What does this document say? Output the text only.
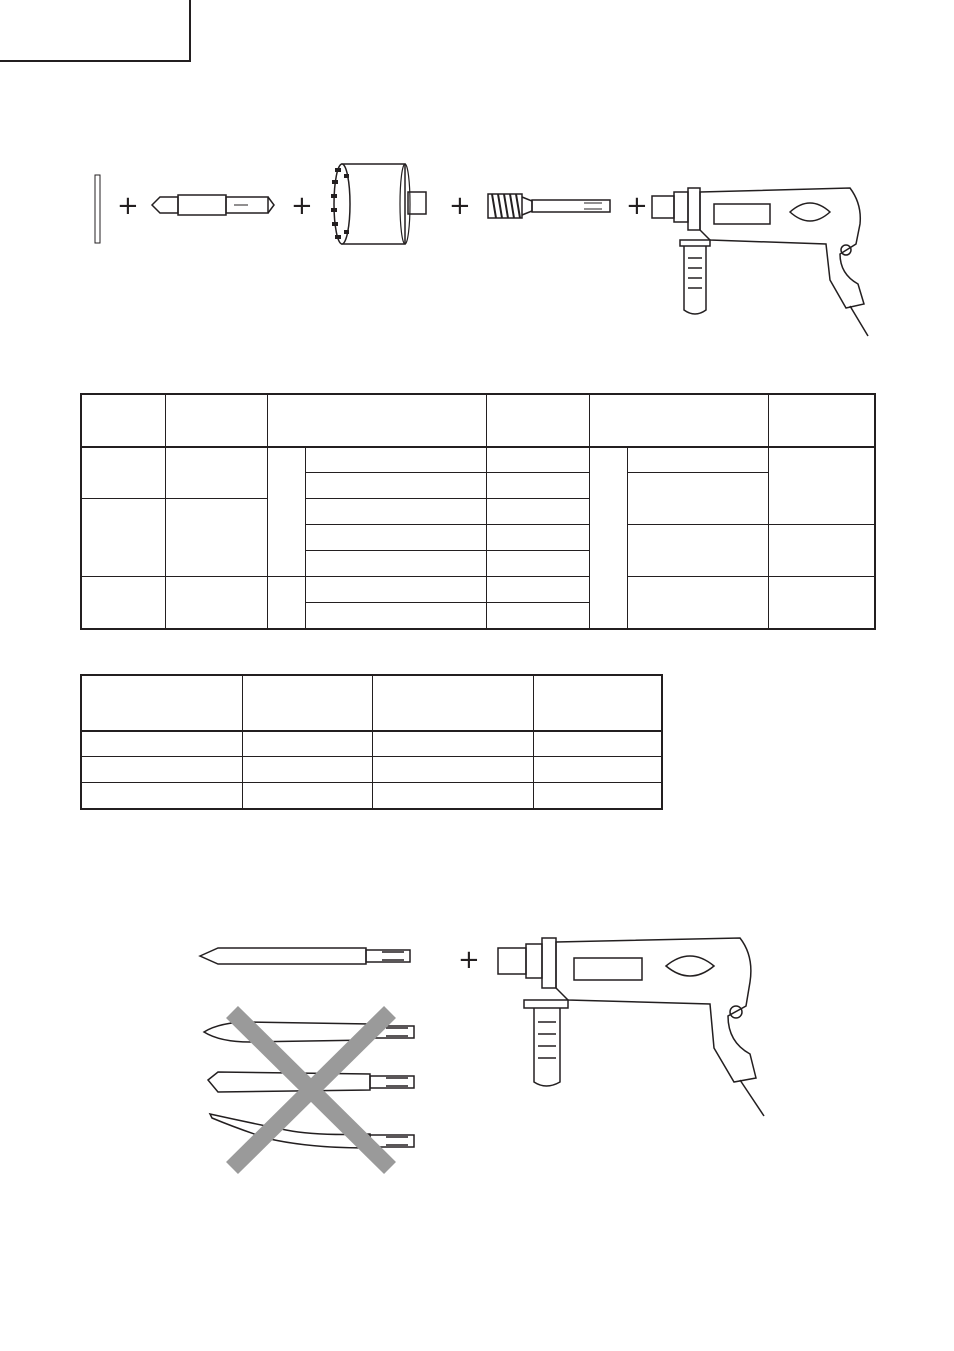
+	+	+	+

+
